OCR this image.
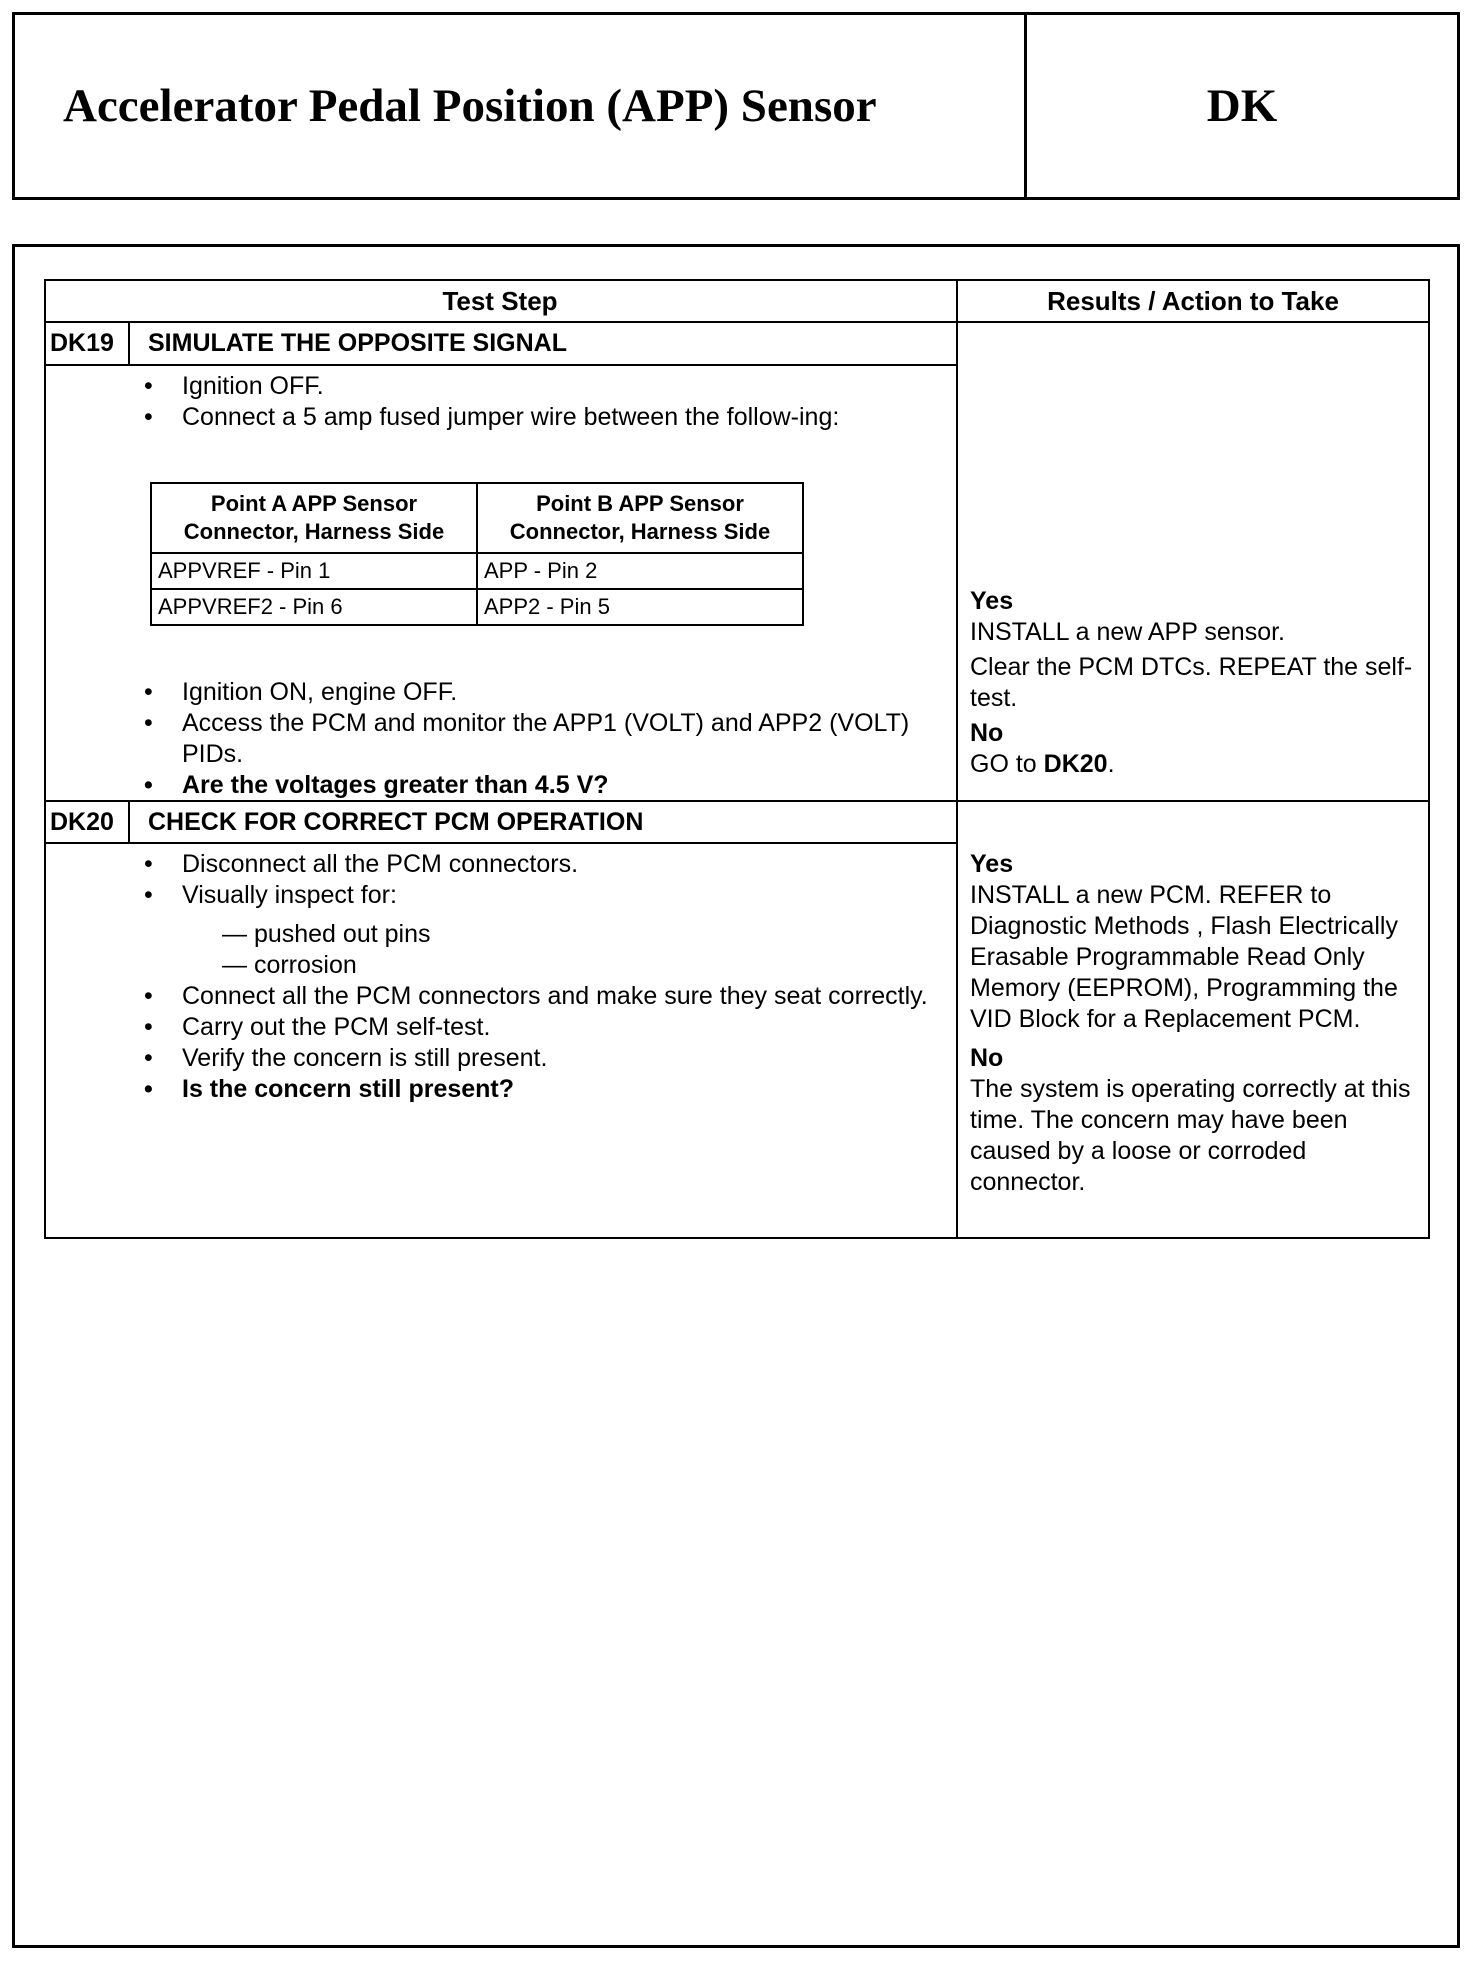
Accelerator Pedal Position (APP) Sensor	DK
Test Step	Results / Action to Take
DK19 SIMULATE THE OPPOSITE SIGNAL
• Ignition OFF.
• Connect a 5 amp fused jumper wire between the follow-ing:
Point A APP Sensor Connector, Harness Side	Point B APP Sensor Connector, Harness Side
APPVREF - Pin 1	APP - Pin 2
APPVREF2 - Pin 6	APP2 - Pin 5
• Ignition ON, engine OFF.
• Access the PCM and monitor the APP1 (VOLT) and APP2 (VOLT) PIDs.
• Are the voltages greater than 4.5 V?

Yes

INSTALL a new APP sensor.

Clear the PCM DTCs. REPEAT the self-test.

No

GO to DK20.

DK20 CHECK FOR CORRECT PCM OPERATION
• Disconnect all the PCM connectors.
• Visually inspect for:
— pushed out pins
— corrosion
• Connect all the PCM connectors and make sure they seat correctly.
• Carry out the PCM self-test.
• Verify the concern is still present.
• Is the concern still present?

Yes

INSTALL a new PCM. REFER to Diagnostic Methods , Flash Electrically Erasable Programmable Read Only Memory (EEPROM), Programming the VID Block for a Replacement PCM.

No

The system is operating correctly at this time. The concern may have been caused by a loose or corroded connector.
